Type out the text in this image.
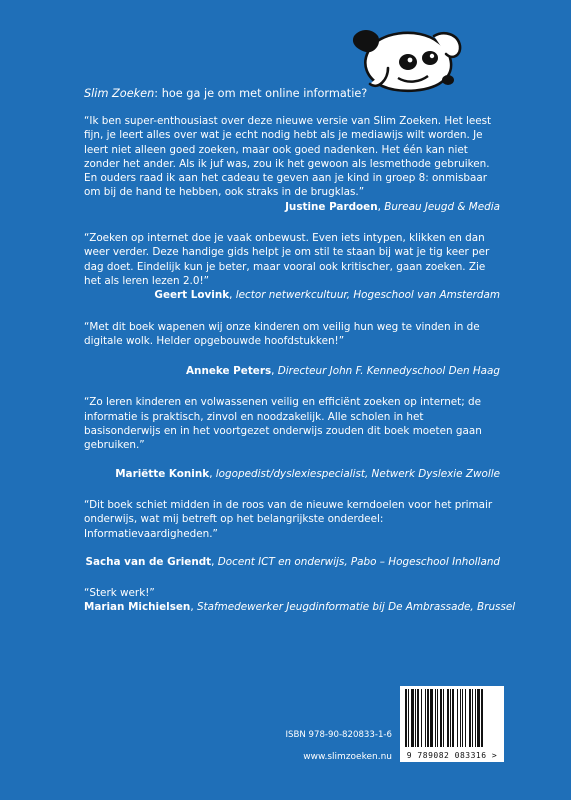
Slim Zoeken: hoe ga je om met online informatie?

“Ik ben super-enthousiast over deze nieuwe versie van Slim Zoeken. Het leest fijn, je leert alles over wat je echt nodig hebt als je mediawijs wilt worden. Je leert niet alleen goed zoeken, maar ook goed nadenken. Het één kan niet zonder het ander. Als ik juf was, zou ik het gewoon als lesmethode gebruiken. En ouders raad ik aan het cadeau te geven aan je kind in groep 8: onmisbaar om bij de hand te hebben, ook straks in de brugklas.”

Justine Pardoen, Bureau Jeugd & Media

“Zoeken op internet doe je vaak onbewust. Even iets intypen, klikken en dan weer verder. Deze handige gids helpt je om stil te staan bij wat je tig keer per dag doet. Eindelijk kun je beter, maar vooral ook kritischer, gaan zoeken. Zie het als leren lezen 2.0!”

Geert Lovink, lector netwerkcultuur, Hogeschool van Amsterdam

“Met dit boek wapenen wij onze kinderen om veilig hun weg te vinden in de digitale wolk. Helder opgebouwde hoofdstukken!”

Anneke Peters, Directeur John F. Kennedyschool Den Haag

“Zo leren kinderen en volwassenen veilig en efficiënt zoeken op internet; de informatie is praktisch, zinvol en noodzakelijk. Alle scholen in het basisonderwijs en in het voortgezet onderwijs zouden dit boek moeten gaan gebruiken.”

Mariëtte Konink, logopedist/dyslexiespecialist, Netwerk Dyslexie Zwolle

“Dit boek schiet midden in de roos van de nieuwe kerndoelen voor het primair onderwijs, wat mij betreft op het belangrijkste onderdeel: Informatievaardigheden.”

Sacha van de Griendt, Docent ICT en onderwijs, Pabo – Hogeschool Inholland

“Sterk werk!”

Marian Michielsen, Stafmedewerker Jeugdinformatie bij De Ambrassade, Brussel

ISBN 978-90-820833-1-6
www.slimzoeken.nu	9 789082 083316 >
